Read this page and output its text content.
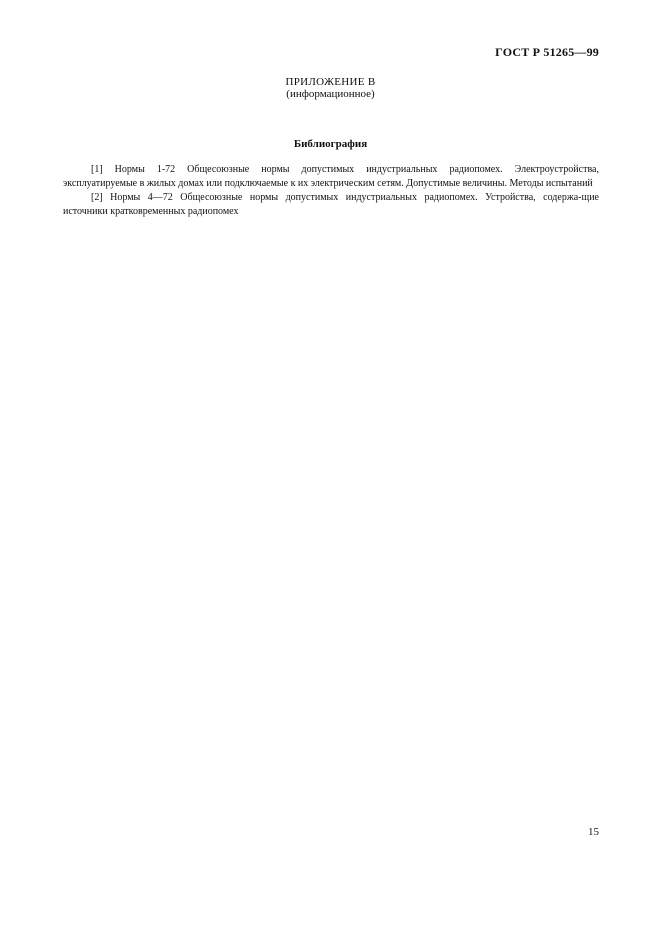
ГОСТ Р 51265—99
ПРИЛОЖЕНИЕ В
(информационное)
Библиография

[1] Нормы 1-72 Общесоюзные нормы допустимых индустриальных радиопомех. Электроустройства, эксплуатируемые в жилых домах или подключаемые к их электрическим сетям. Допустимые величины. Методы испытаний

[2] Нормы 4—72 Общесоюзные нормы допустимых индустриальных радиопомех. Устройства, содержа-щие источники кратковременных радиопомех

15
